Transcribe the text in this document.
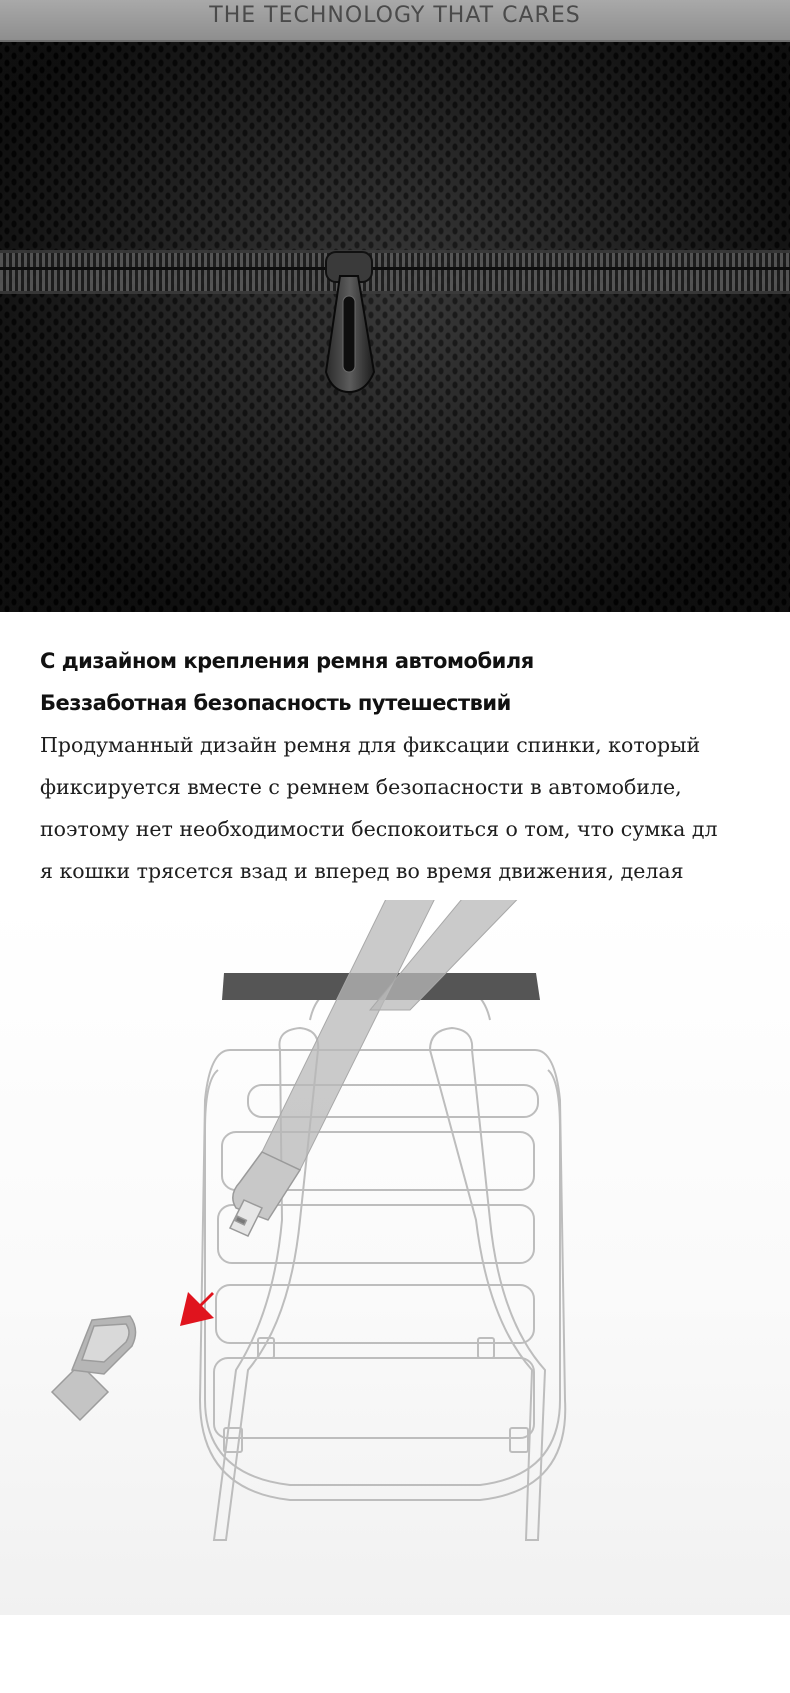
THE TECHNOLOGY THAT CARES

С дизайном крепления ремня автомобиля

Беззаботная безопасность путешествий

Продуманный дизайн ремня для фиксации спинки, который

фиксируется вместе с ремнем безопасности в автомобиле,

поэтому нет необходимости беспокоиться о том, что сумка дл

я кошки трясется взад и вперед во время движения, делая
